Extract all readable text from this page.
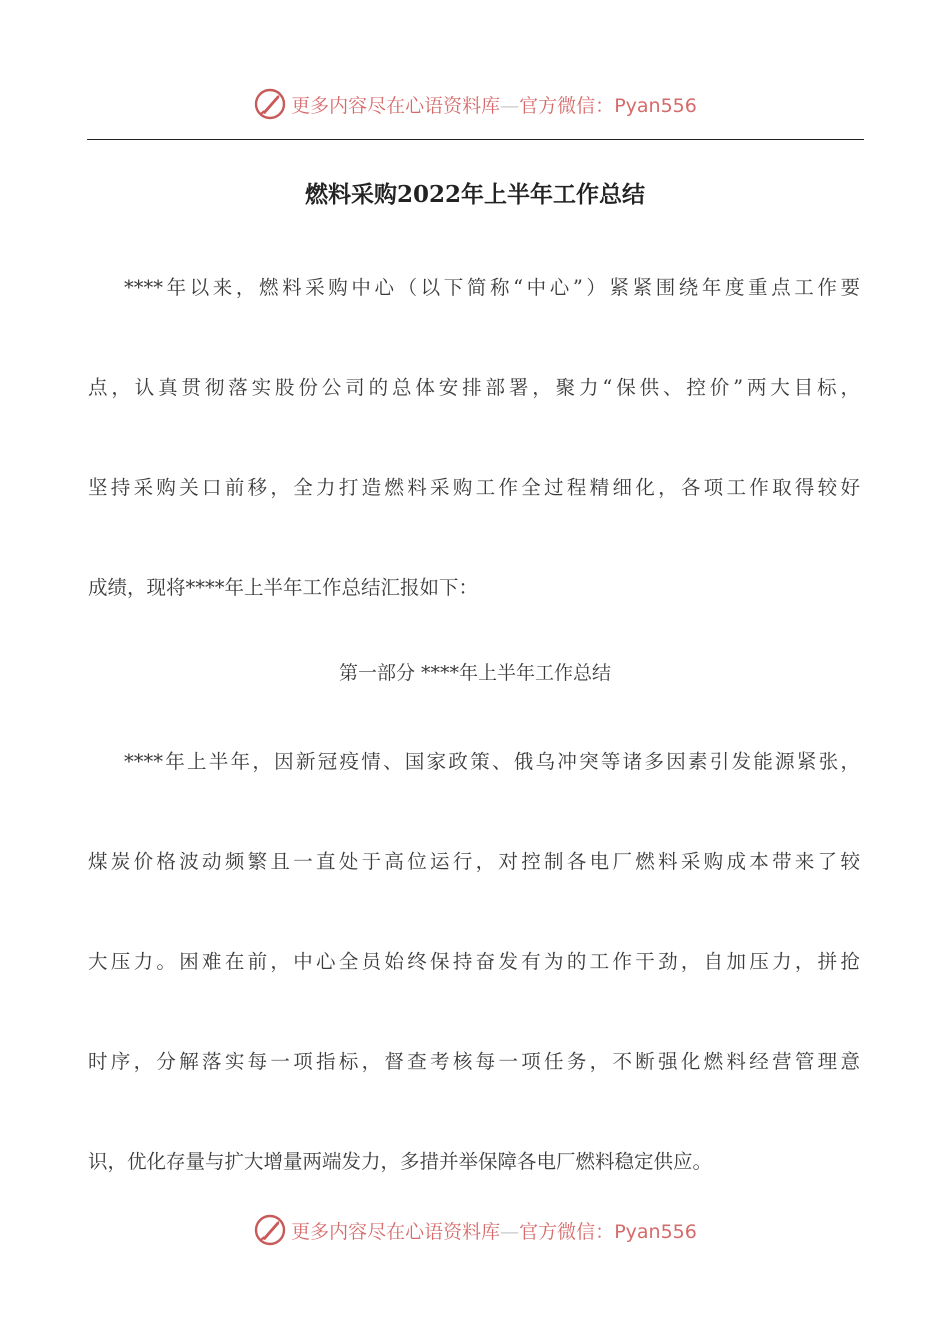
更多内容尽在心语资料库—官方微信：Pyan556
燃料采购2022年上半年工作总结
****年以来，燃料采购中心（以下简称“中心”）紧紧围绕年度重点工作要
点，认真贯彻落实股份公司的总体安排部署，聚力“保供、控价”两大目标，
坚持采购关口前移，全力打造燃料采购工作全过程精细化，各项工作取得较好
成绩，现将****年上半年工作总结汇报如下：
第一部分 ****年上半年工作总结
****年上半年，因新冠疫情、国家政策、俄乌冲突等诸多因素引发能源紧张，
煤炭价格波动频繁且一直处于高位运行，对控制各电厂燃料采购成本带来了较
大压力。困难在前，中心全员始终保持奋发有为的工作干劲，自加压力，拼抢
时序，分解落实每一项指标，督查考核每一项任务，不断强化燃料经营管理意
识，优化存量与扩大增量两端发力，多措并举保障各电厂燃料稳定供应。
更多内容尽在心语资料库—官方微信：Pyan556
